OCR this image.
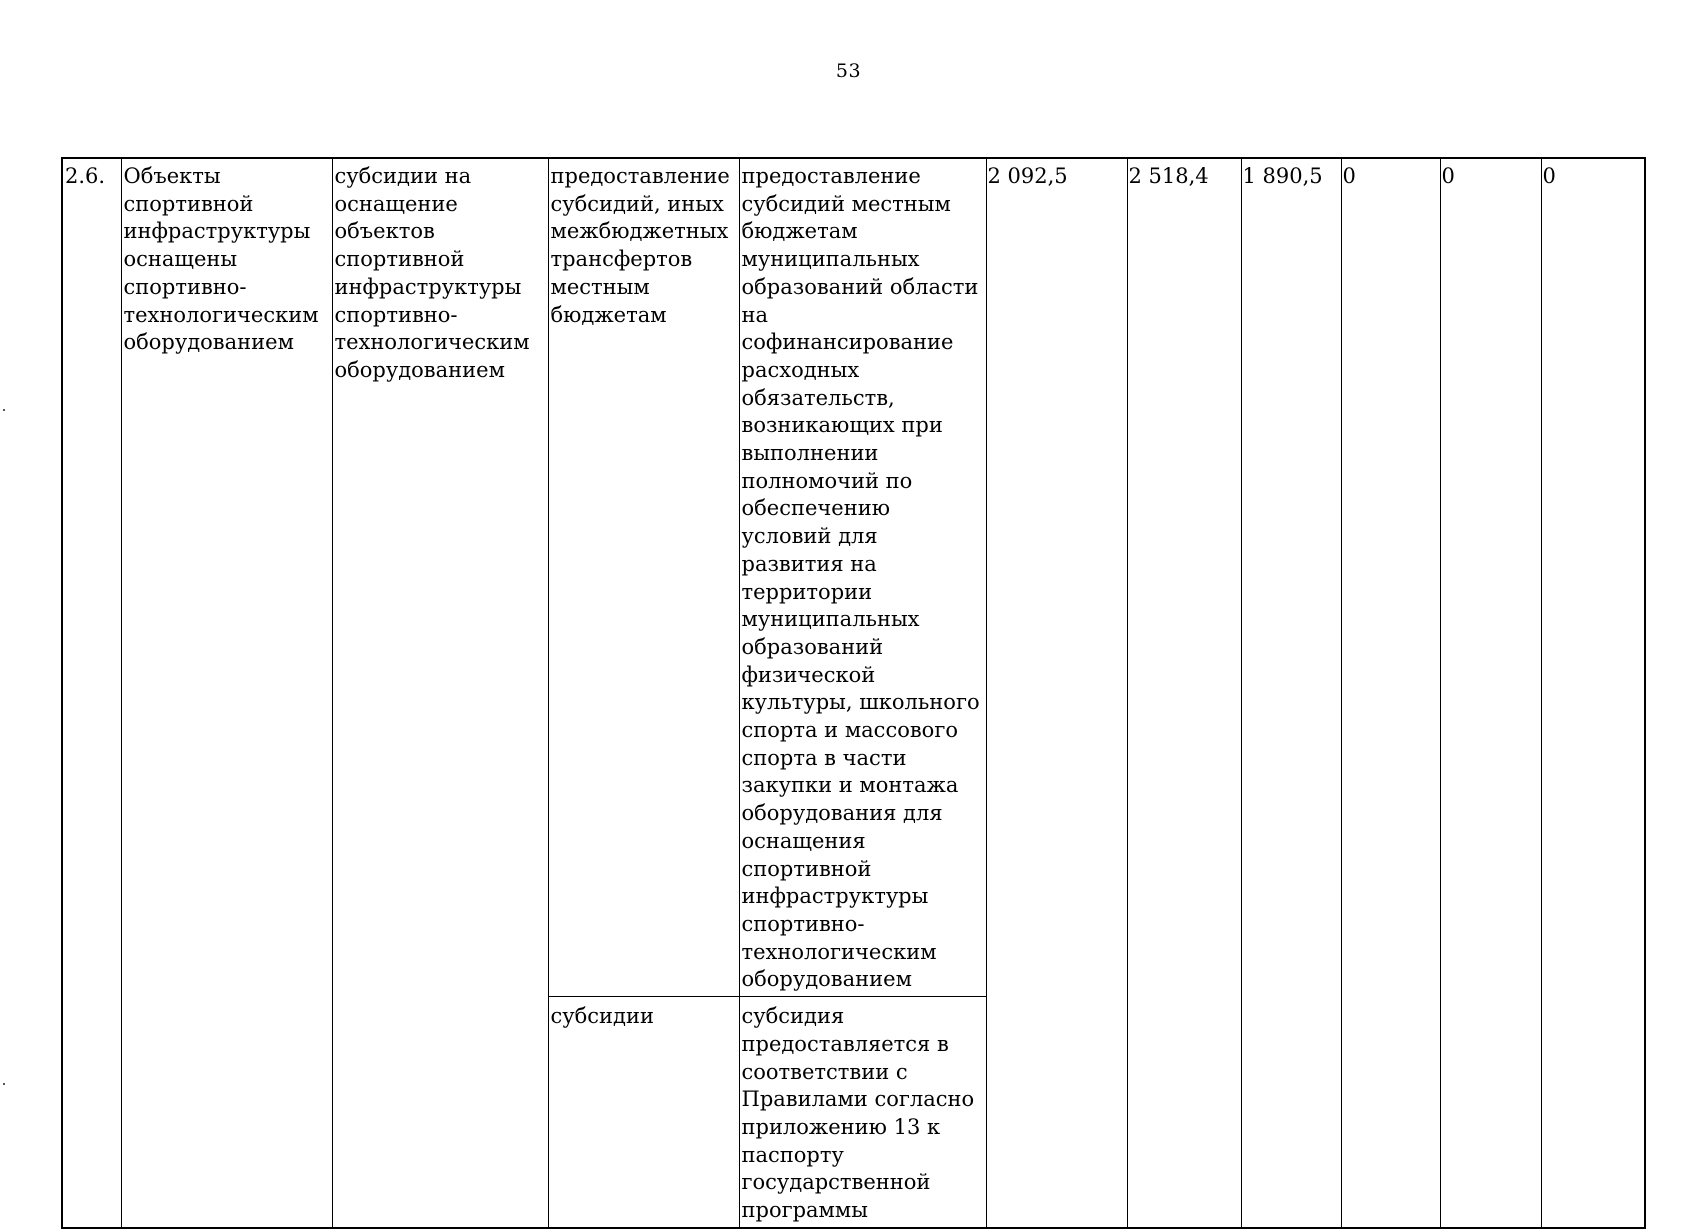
53
2.6.	Объекты спортивной инфраструктуры оснащены спортивно-технологическим оборудованием	субсидии на оснащение объектов спортивной инфраструктуры спортивно-технологическим оборудованием	предоставление субсидий, иных межбюджетных трансфертов местным бюджетам	предоставление субсидий местным бюджетам муниципальных образований области на софинансирование расходных обязательств, возникающих при выполнении полномочий по обеспечению условий для развития на территории муниципальных образований физической культуры, школьного спорта и массового спорта в части закупки и монтажа оборудования для оснащения спортивной инфраструктуры спортивно-технологическим оборудованием	2 092,5	2 518,4	1 890,5	0	0	0
			субсидии	субсидия предоставляется в соответствии с Правилами согласно приложению 13 к паспорту государственной программы						
